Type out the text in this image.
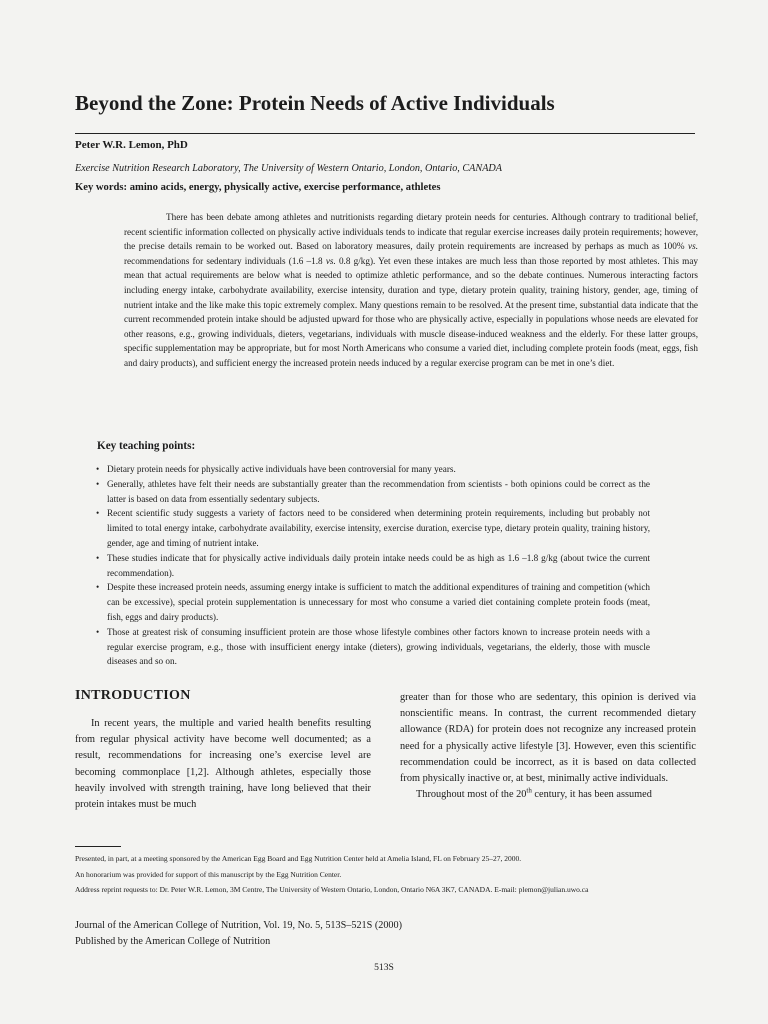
Beyond the Zone: Protein Needs of Active Individuals
Peter W.R. Lemon, PhD
Exercise Nutrition Research Laboratory, The University of Western Ontario, London, Ontario, CANADA
Key words: amino acids, energy, physically active, exercise performance, athletes

There has been debate among athletes and nutritionists regarding dietary protein needs for centuries. Although contrary to traditional belief, recent scientific information collected on physically active individuals tends to indicate that regular exercise increases daily protein requirements; however, the precise details remain to be worked out. Based on laboratory measures, daily protein requirements are increased by perhaps as much as 100% vs. recommendations for sedentary individuals (1.6 –1.8 vs. 0.8 g/kg). Yet even these intakes are much less than those reported by most athletes. This may mean that actual requirements are below what is needed to optimize athletic performance, and so the debate continues. Numerous interacting factors including energy intake, carbohydrate availability, exercise intensity, duration and type, dietary protein quality, training history, gender, age, timing of nutrient intake and the like make this topic extremely complex. Many questions remain to be resolved. At the present time, substantial data indicate that the current recommended protein intake should be adjusted upward for those who are physically active, especially in populations whose needs are elevated for other reasons, e.g., growing individuals, dieters, vegetarians, individuals with muscle disease-induced weakness and the elderly. For these latter groups, specific supplementation may be appropriate, but for most North Americans who consume a varied diet, including complete protein foods (meat, eggs, fish and dairy products), and sufficient energy the increased protein needs induced by a regular exercise program can be met in one’s diet.

Key teaching points:
• Dietary protein needs for physically active individuals have been controversial for many years.
• Generally, athletes have felt their needs are substantially greater than the recommendation from scientists - both opinions could be correct as the latter is based on data from essentially sedentary subjects.
• Recent scientific study suggests a variety of factors need to be considered when determining protein requirements, including but probably not limited to total energy intake, carbohydrate availability, exercise intensity, exercise duration, exercise type, dietary protein quality, training history, gender, age and timing of nutrient intake.
• These studies indicate that for physically active individuals daily protein intake needs could be as high as 1.6 –1.8 g/kg (about twice the current recommendation).
• Despite these increased protein needs, assuming energy intake is sufficient to match the additional expenditures of training and competition (which can be excessive), special protein supplementation is unnecessary for most who consume a varied diet containing complete protein foods (meat, fish, eggs and dairy products).
• Those at greatest risk of consuming insufficient protein are those whose lifestyle combines other factors known to increase protein needs with a regular exercise program, e.g., those with insufficient energy intake (dieters), growing individuals, vegetarians, the elderly, those with muscle diseases and so on.
INTRODUCTION

In recent years, the multiple and varied health benefits resulting from regular physical activity have become well documented; as a result, recommendations for increasing one’s exercise level are becoming commonplace [1,2]. Although athletes, especially those heavily involved with strength training, have long believed that their protein intakes must be much

greater than for those who are sedentary, this opinion is derived via nonscientific means. In contrast, the current recommended dietary allowance (RDA) for protein does not recognize any increased protein need for a physically active lifestyle [3]. However, even this scientific recommendation could be incorrect, as it is based on data collected from physically inactive or, at best, minimally active individuals.

Throughout most of the 20th century, it has been assumed

Presented, in part, at a meeting sponsored by the American Egg Board and Egg Nutrition Center held at Amelia Island, FL on February 25–27, 2000.
An honorarium was provided for support of this manuscript by the Egg Nutrition Center.
Address reprint requests to: Dr. Peter W.R. Lemon, 3M Centre, The University of Western Ontario, London, Ontario N6A 3K7, CANADA. E-mail: plemon@julian.uwo.ca
Journal of the American College of Nutrition, Vol. 19, No. 5, 513S–521S (2000)
Published by the American College of Nutrition
513S
